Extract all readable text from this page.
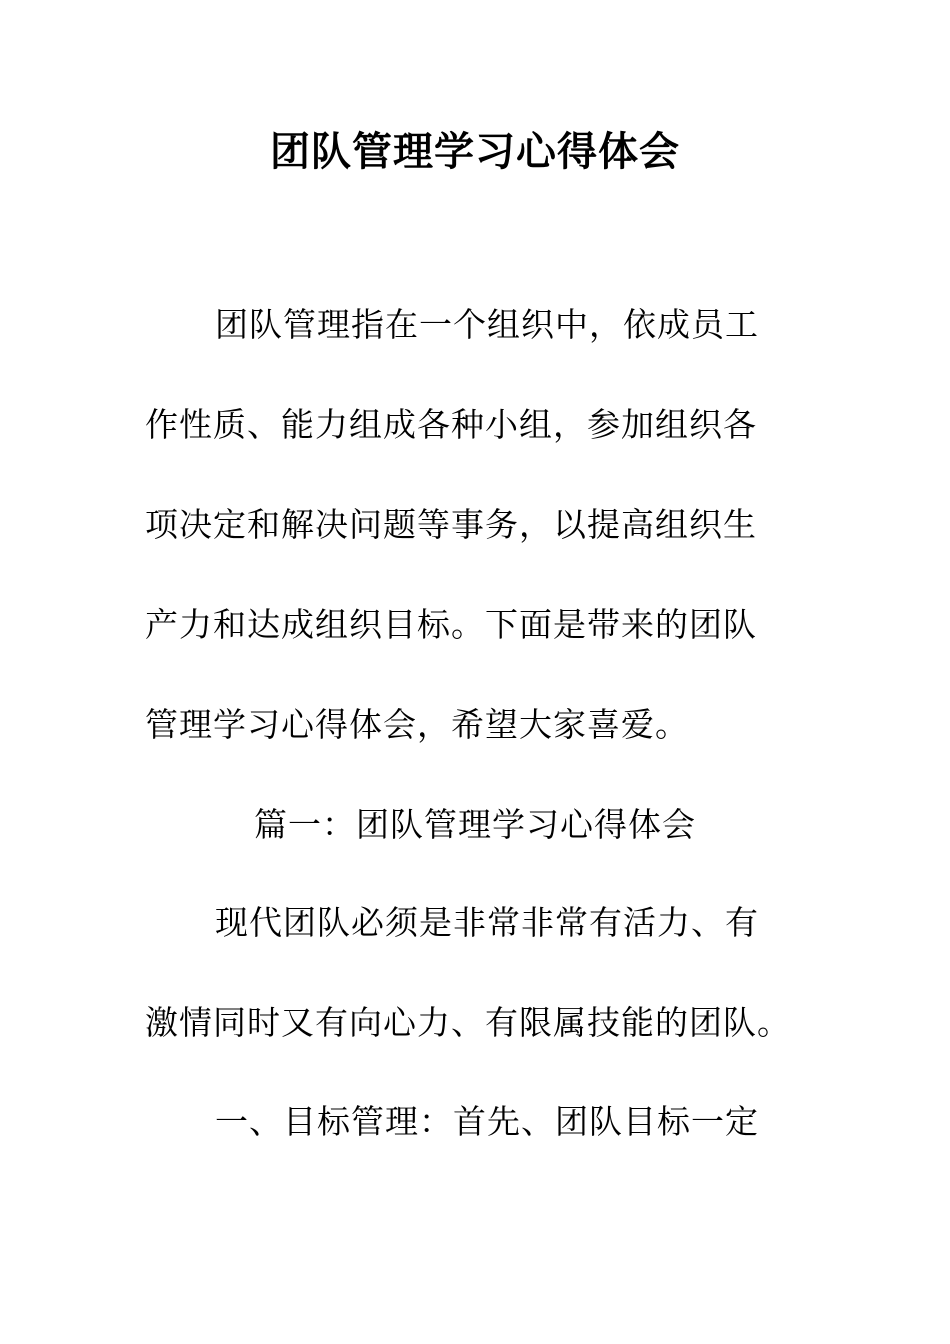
团队管理学习心得体会
团队管理指在一个组织中，依成员工
作性质、能力组成各种小组，参加组织各
项决定和解决问题等事务，以提高组织生
产力和达成组织目标。下面是带来的团队
管理学习心得体会，希望大家喜爱。
篇一：团队管理学习心得体会
现代团队必须是非常非常有活力、有
激情同时又有向心力、有限属技能的团队。
一、目标管理：首先、团队目标一定
